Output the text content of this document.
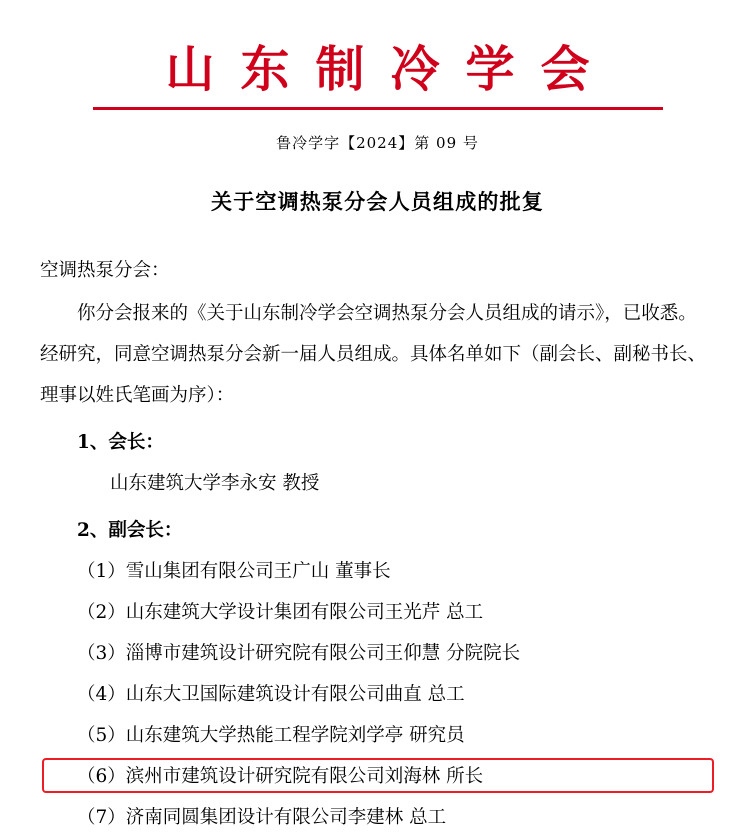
山东制冷学会
鲁冷学字【2024】第 09 号
关于空调热泵分会人员组成的批复
空调热泵分会：

你分会报来的《关于山东制冷学会空调热泵分会人员组成的请示》，已收悉。

经研究，同意空调热泵分会新一届人员组成。具体名单如下（副会长、副秘书长、

理事以姓氏笔画为序）：

1、会长：

山东建筑大学李永安 教授

2、副会长：

（1）雪山集团有限公司王广山 董事长

（2）山东建筑大学设计集团有限公司王光芹 总工

（3）淄博市建筑设计研究院有限公司王仰慧 分院院长

（4）山东大卫国际建筑设计有限公司曲直 总工

（5）山东建筑大学热能工程学院刘学亭 研究员

（6）滨州市建筑设计研究院有限公司刘海林 所长

（7）济南同圆集团设计有限公司李建林 总工
